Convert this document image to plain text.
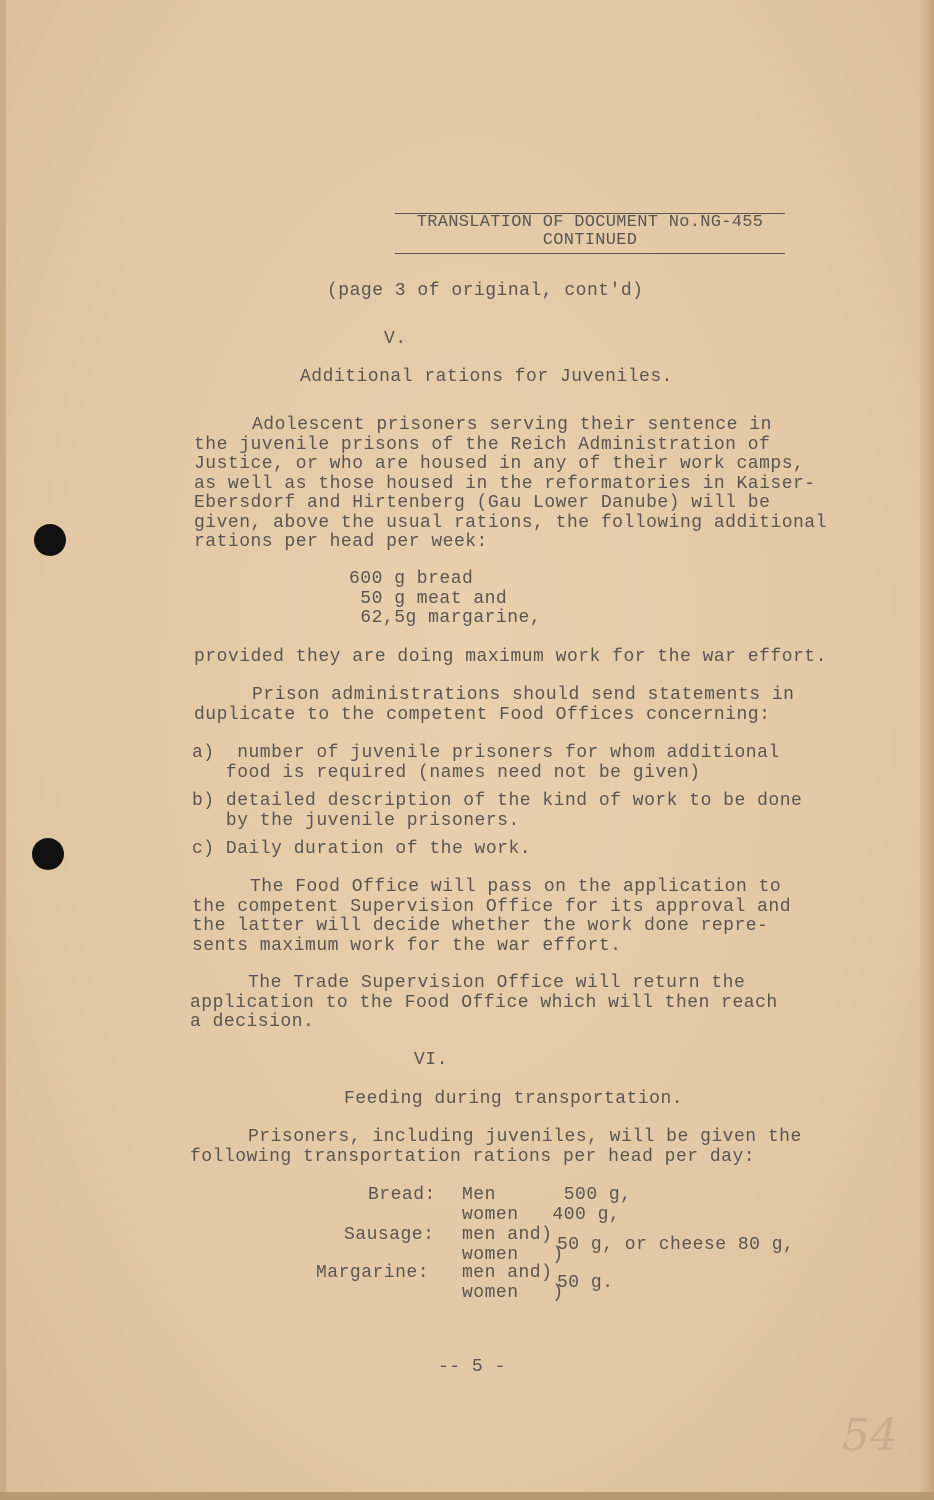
TRANSLATION OF DOCUMENT No.NG-455
CONTINUED
(page 3 of original, cont'd)
V.
Additional rations for Juveniles.
Adolescent prisoners serving their sentence in
the juvenile prisons of the Reich Administration of
Justice, or who are housed in any of their work camps,
as well as those housed in the reformatories in Kaiser-
Ebersdorf and Hirtenberg (Gau Lower Danube) will be
given, above the usual rations, the following additional
rations per head per week:
600 g bread
50 g meat and
62,5g margarine,
provided they are doing maximum work for the war effort.
Prison administrations should send statements in
duplicate to the competent Food Offices concerning:
a)  number of juvenile prisoners for whom additional
food is required (names need not be given)
b) detailed description of the kind of work to be done
by the juvenile prisoners.
c) Daily duration of the work.
The Food Office will pass on the application to
the competent Supervision Office for its approval and
the latter will decide whether the work done repre-
sents maximum work for the war effort.
The Trade Supervision Office will return the
application to the Food Office which will then reach
a decision.
VI.
Feeding during transportation.
Prisoners, including juveniles, will be given the
following transportation rations per head per day:
Bread: Men      500 g,
women   400 g,
Sausage: men and)
women   )
50 g, or cheese 80 g,
Margarine: men and)
women   )
50 g.
-- 5 -
54
